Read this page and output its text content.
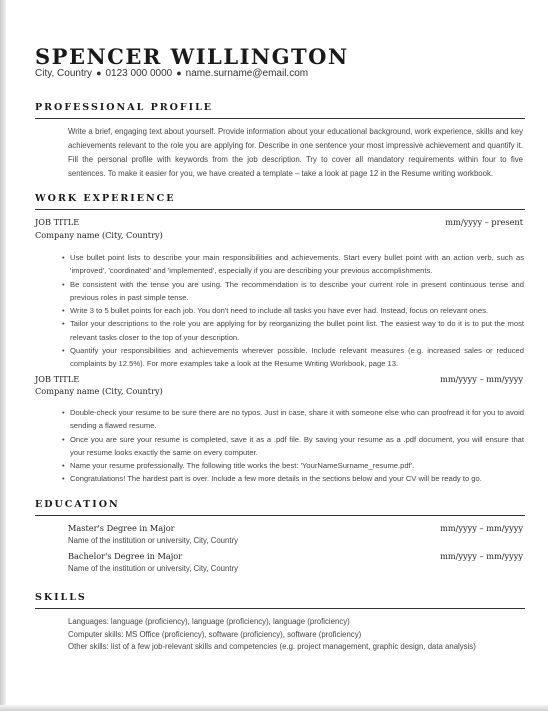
SPENCER WILLINGTON
City, Country ● 0123 000 0000 ● name.surname@email.com
PROFESSIONAL PROFILE
Write a brief, engaging text about yourself. Provide information about your educational background, work experience, skills and key achievements relevant to the role you are applying for. Describe in one sentence your most impressive achievement and quantify it. Fill the personal profile with keywords from the job description. Try to cover all mandatory requirements within four to five sentences. To make it easier for you, we have created a template – take a look at page 12 in the Resume writing workbook.
WORK EXPERIENCE
JOB TITLE	mm/yyyy – present
Company name (City, Country)
• Use bullet point lists to describe your main responsibilities and achievements. Start every bullet point with an action verb, such as 'improved', 'coordinated' and 'implemented', especially if you are describing your previous accomplishments.
• Be consistent with the tense you are using. The recommendation is to describe your current role in present continuous tense and previous roles in past simple tense.
• Write 3 to 5 bullet points for each job. You don't need to include all tasks you have ever had. Instead, focus on relevant ones.
• Tailor your descriptions to the role you are applying for by reorganizing the bullet point list. The easiest way to do it is to put the most relevant tasks closer to the top of your description.
• Quantify your responsibilities and achievements wherever possible. Include relevant measures (e.g. increased sales or reduced complaints by 12.5%). For more examples take a look at the Resume Writing Workbook, page 13.
JOB TITLE	mm/yyyy – mm/yyyy
Company name (City, Country)
• Double-check your resume to be sure there are no typos. Just in case, share it with someone else who can proofread it for you to avoid sending a flawed resume.
• Once you are sure your resume is completed, save it as a .pdf file. By saving your resume as a .pdf document, you will ensure that your resume looks exactly the same on every computer.
• Name your resume professionally. The following title works the best: 'YourNameSurname_resume.pdf'.
• Congratulations! The hardest part is over. Include a few more details in the sections below and your CV will be ready to go.
EDUCATION
Master's Degree in Major	mm/yyyy – mm/yyyy
Name of the institution or university, City, Country
Bachelor's Degree in Major	mm/yyyy – mm/yyyy
Name of the institution or university, City, Country
SKILLS
Languages: language (proficiency), language (proficiency), language (proficiency)
Computer skills: MS Office (proficiency), software (proficiency), software (proficiency)
Other skills: list of a few job-relevant skills and competencies (e.g. project management, graphic design, data analysis)
